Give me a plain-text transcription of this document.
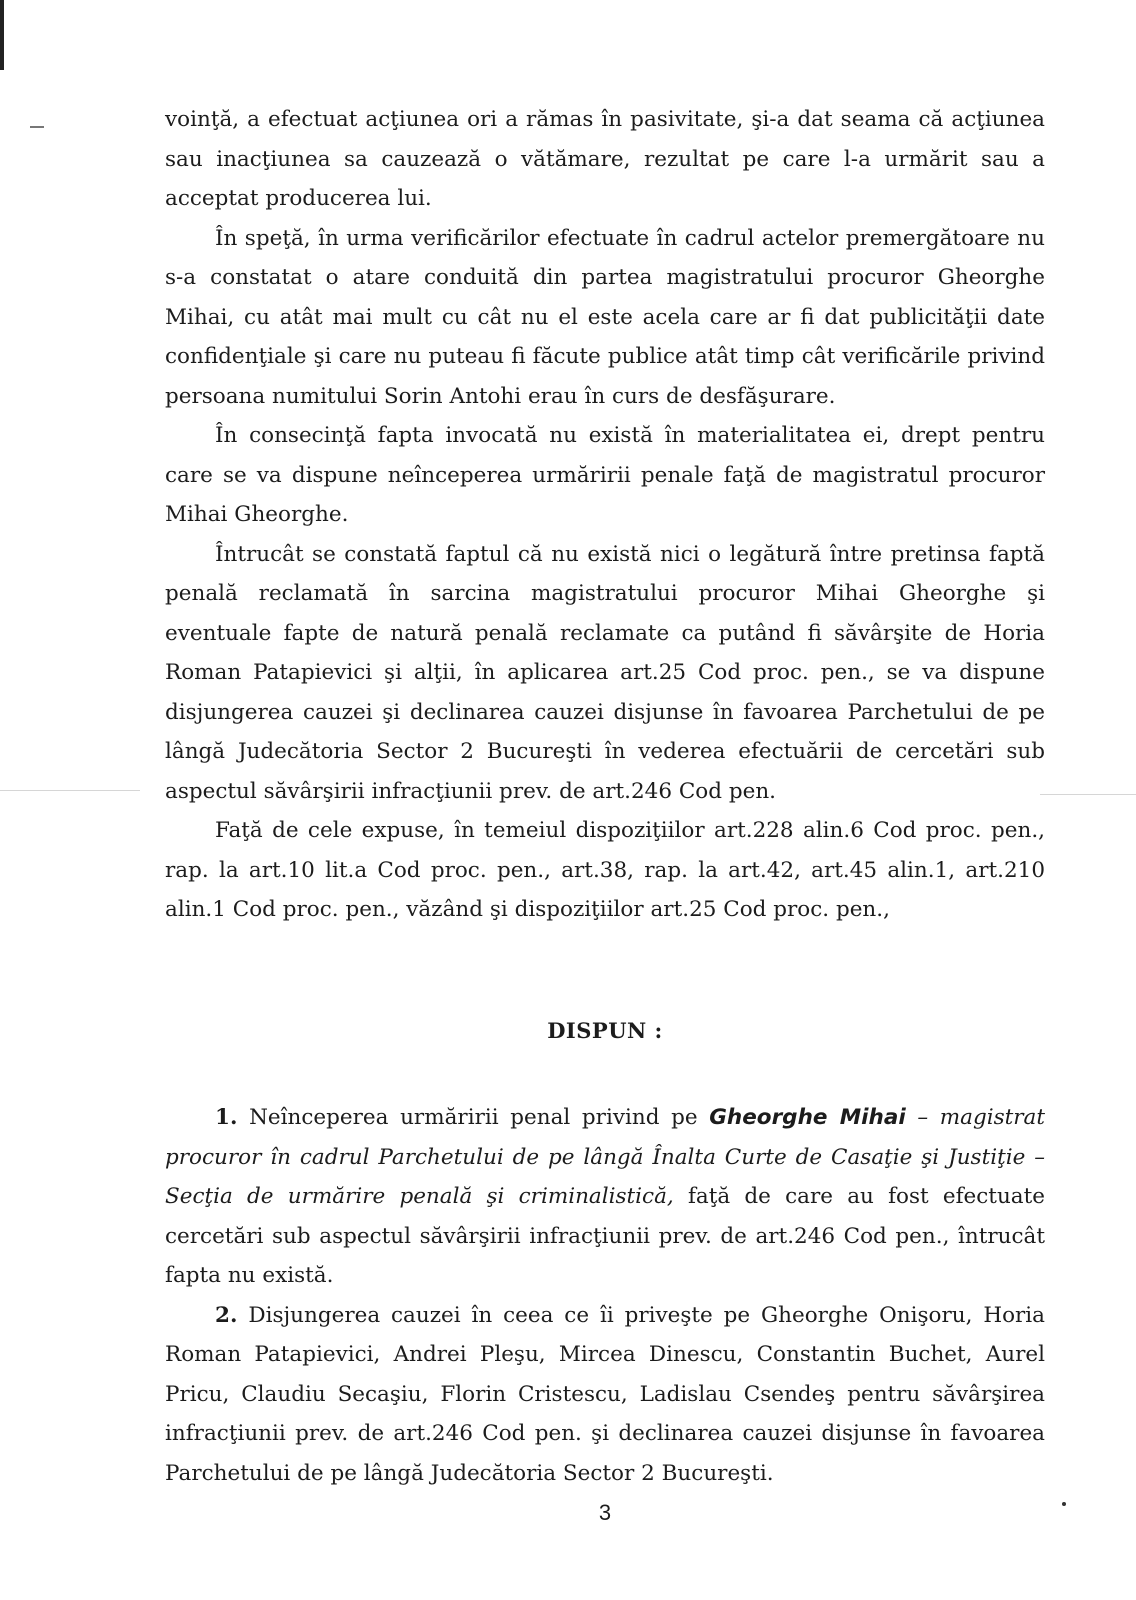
voinţă, a efectuat acţiunea ori a rămas în pasivitate, şi-a dat seama că acţiunea sau inacţiunea sa cauzează o vătămare, rezultat pe care l-a urmărit sau a acceptat producerea lui.

În speţă, în urma verificărilor efectuate în cadrul actelor premergătoare nu s-a constatat o atare conduită din partea magistratului procuror Gheorghe Mihai, cu atât mai mult cu cât nu el este acela care ar fi dat publicităţii date confidenţiale şi care nu puteau fi făcute publice atât timp cât verificările privind persoana numitului Sorin Antohi erau în curs de desfăşurare.

În consecinţă fapta invocată nu există în materialitatea ei, drept pentru care se va dispune neînceperea urmăririi penale faţă de magistratul procuror Mihai Gheorghe.

Întrucât se constată faptul că nu există nici o legătură între pretinsa faptă penală reclamată în sarcina magistratului procuror Mihai Gheorghe şi eventuale fapte de natură penală reclamate ca putând fi săvârşite de Horia Roman Patapievici şi alţii, în aplicarea art.25 Cod proc. pen., se va dispune disjungerea cauzei şi declinarea cauzei disjunse în favoarea Parchetului de pe lângă Judecătoria Sector 2 Bucureşti în vederea efectuării de cercetări sub aspectul săvârşirii infracţiunii prev. de art.246 Cod pen.

Faţă de cele expuse, în temeiul dispoziţiilor art.228 alin.6 Cod proc. pen., rap. la art.10 lit.a Cod proc. pen., art.38, rap. la art.42, art.45 alin.1, art.210 alin.1 Cod proc. pen., văzând şi dispoziţiilor art.25 Cod proc. pen.,

DISPUN :

1. Neînceperea urmăririi penal privind pe Gheorghe Mihai – magistrat procuror în cadrul Parchetului de pe lângă Înalta Curte de Casaţie şi Justiţie – Secţia de urmărire penală şi criminalistică, faţă de care au fost efectuate cercetări sub aspectul săvârşirii infracţiunii prev. de art.246 Cod pen., întrucât fapta nu există.

2. Disjungerea cauzei în ceea ce îi priveşte pe Gheorghe Onişoru, Horia Roman Patapievici, Andrei Pleşu, Mircea Dinescu, Constantin Buchet, Aurel Pricu, Claudiu Secaşiu, Florin Cristescu, Ladislau Csendeş pentru săvârşirea infracţiunii prev. de art.246 Cod pen. şi declinarea cauzei disjunse în favoarea Parchetului de pe lângă Judecătoria Sector 2 Bucureşti.

3
